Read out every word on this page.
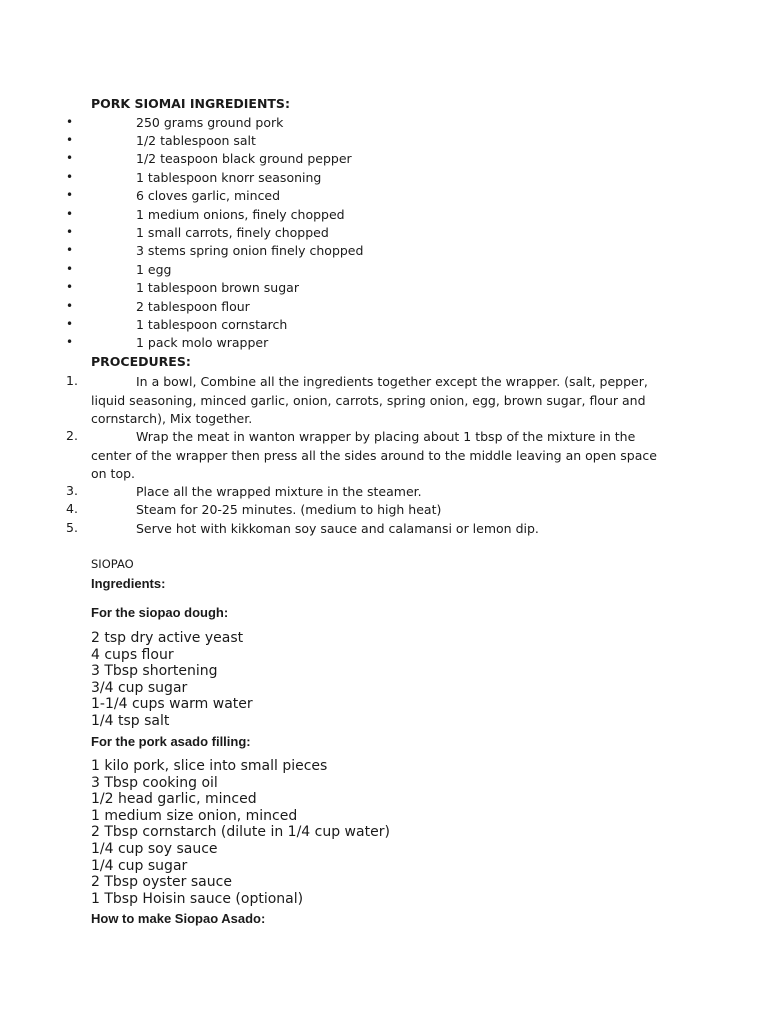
PORK SIOMAI INGREDIENTS:
•	250 grams ground pork
•	1/2 tablespoon salt
•	1/2 teaspoon black ground pepper
•	1 tablespoon knorr seasoning
•	6 cloves garlic, minced
•	1 medium onions, finely chopped
•	1 small carrots, finely chopped
•	3 stems spring onion finely chopped
•	1 egg
•	1 tablespoon brown sugar
•	2 tablespoon flour
•	1 tablespoon cornstarch
•	1 pack molo wrapper
PROCEDURES:
1.	In a bowl, Combine all the ingredients together except the wrapper. (salt, pepper, liquid seasoning, minced garlic, onion, carrots, spring onion, egg, brown sugar, flour and cornstarch), Mix together.
2.	Wrap the meat in wanton wrapper by placing about 1 tbsp of the mixture in the center of the wrapper then press all the sides around to the middle leaving an open space on top.
3.	Place all the wrapped mixture in the steamer.
4.	Steam for 20-25 minutes. (medium to high heat)
5.	Serve hot with kikkoman soy sauce and calamansi or lemon dip.
SIOPAO
Ingredients:
For the siopao dough:
2 tsp dry active yeast
4 cups flour
3 Tbsp shortening
3/4 cup sugar
1-1/4 cups warm water
1/4 tsp salt
For the pork asado filling:
1 kilo pork, slice into small pieces
3 Tbsp cooking oil
1/2 head garlic, minced
1 medium size onion, minced
2 Tbsp cornstarch (dilute in 1/4 cup water)
1/4 cup soy sauce
1/4 cup sugar
2 Tbsp oyster sauce
1 Tbsp Hoisin sauce (optional)
How to make Siopao Asado:
